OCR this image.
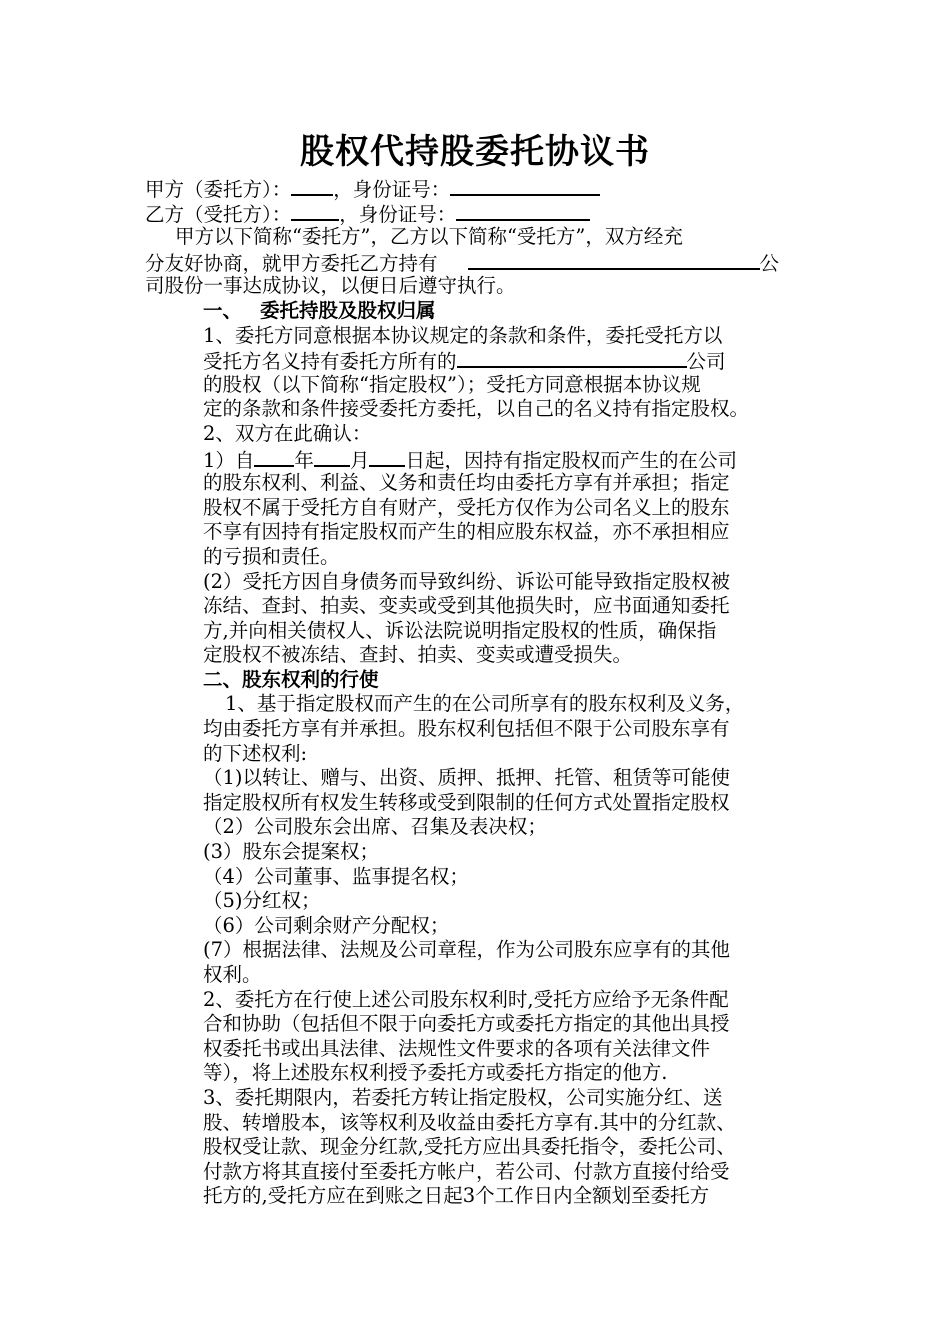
股权代持股委托协议书
甲方（委托方）： ，身份证号：
乙方（受托方）： ，身份证号：
甲方以下简称“委托方”，乙方以下简称“受托方”，双方经充
分友好协商，就甲方委托乙方持有	公
司股份一事达成协议，以便日后遵守执行。
一、 委托持股及股权归属
1、委托方同意根据本协议规定的条款和条件，委托受托方以
受托方名义持有委托方所有的	公司
的股权（以下简称“指定股权”）；受托方同意根据本协议规
定的条款和条件接受委托方委托，以自己的名义持有指定股权。
2、双方在此确认：
1）自 年 月 日起，因持有指定股权而产生的在公司
的股东权利、利益、义务和责任均由委托方享有并承担；指定
股权不属于受托方自有财产，受托方仅作为公司名义上的股东
不享有因持有指定股权而产生的相应股东权益，亦不承担相应
的亏损和责任。
(2）受托方因自身债务而导致纠纷、诉讼可能导致指定股权被
冻结、查封、拍卖、变卖或受到其他损失时，应书面通知委托
方,并向相关债权人、诉讼法院说明指定股权的性质，确保指
定股权不被冻结、查封、拍卖、变卖或遭受损失。
二、股东权利的行使
1、基于指定股权而产生的在公司所享有的股东权利及义务，
均由委托方享有并承担。股东权利包括但不限于公司股东享有
的下述权利:
（1)以转让、赠与、出资、质押、抵押、托管、租赁等可能使
指定股权所有权发生转移或受到限制的任何方式处置指定股权
（2）公司股东会出席、召集及表决权；
(3）股东会提案权；
（4）公司董事、监事提名权；
（5)分红权；
（6）公司剩余财产分配权；
(7）根据法律、法规及公司章程，作为公司股东应享有的其他
权利。
2、委托方在行使上述公司股东权利时,受托方应给予无条件配
合和协助（包括但不限于向委托方或委托方指定的其他出具授
权委托书或出具法律、法规性文件要求的各项有关法律文件
等），将上述股东权利授予委托方或委托方指定的他方.
3、委托期限内，若委托方转让指定股权，公司实施分红、送
股、转增股本，该等权利及收益由委托方享有.其中的分红款、
股权受让款、现金分红款,受托方应出具委托指令，委托公司、
付款方将其直接付至委托方帐户，若公司、付款方直接付给受
托方的,受托方应在到账之日起3个工作日内全额划至委托方
